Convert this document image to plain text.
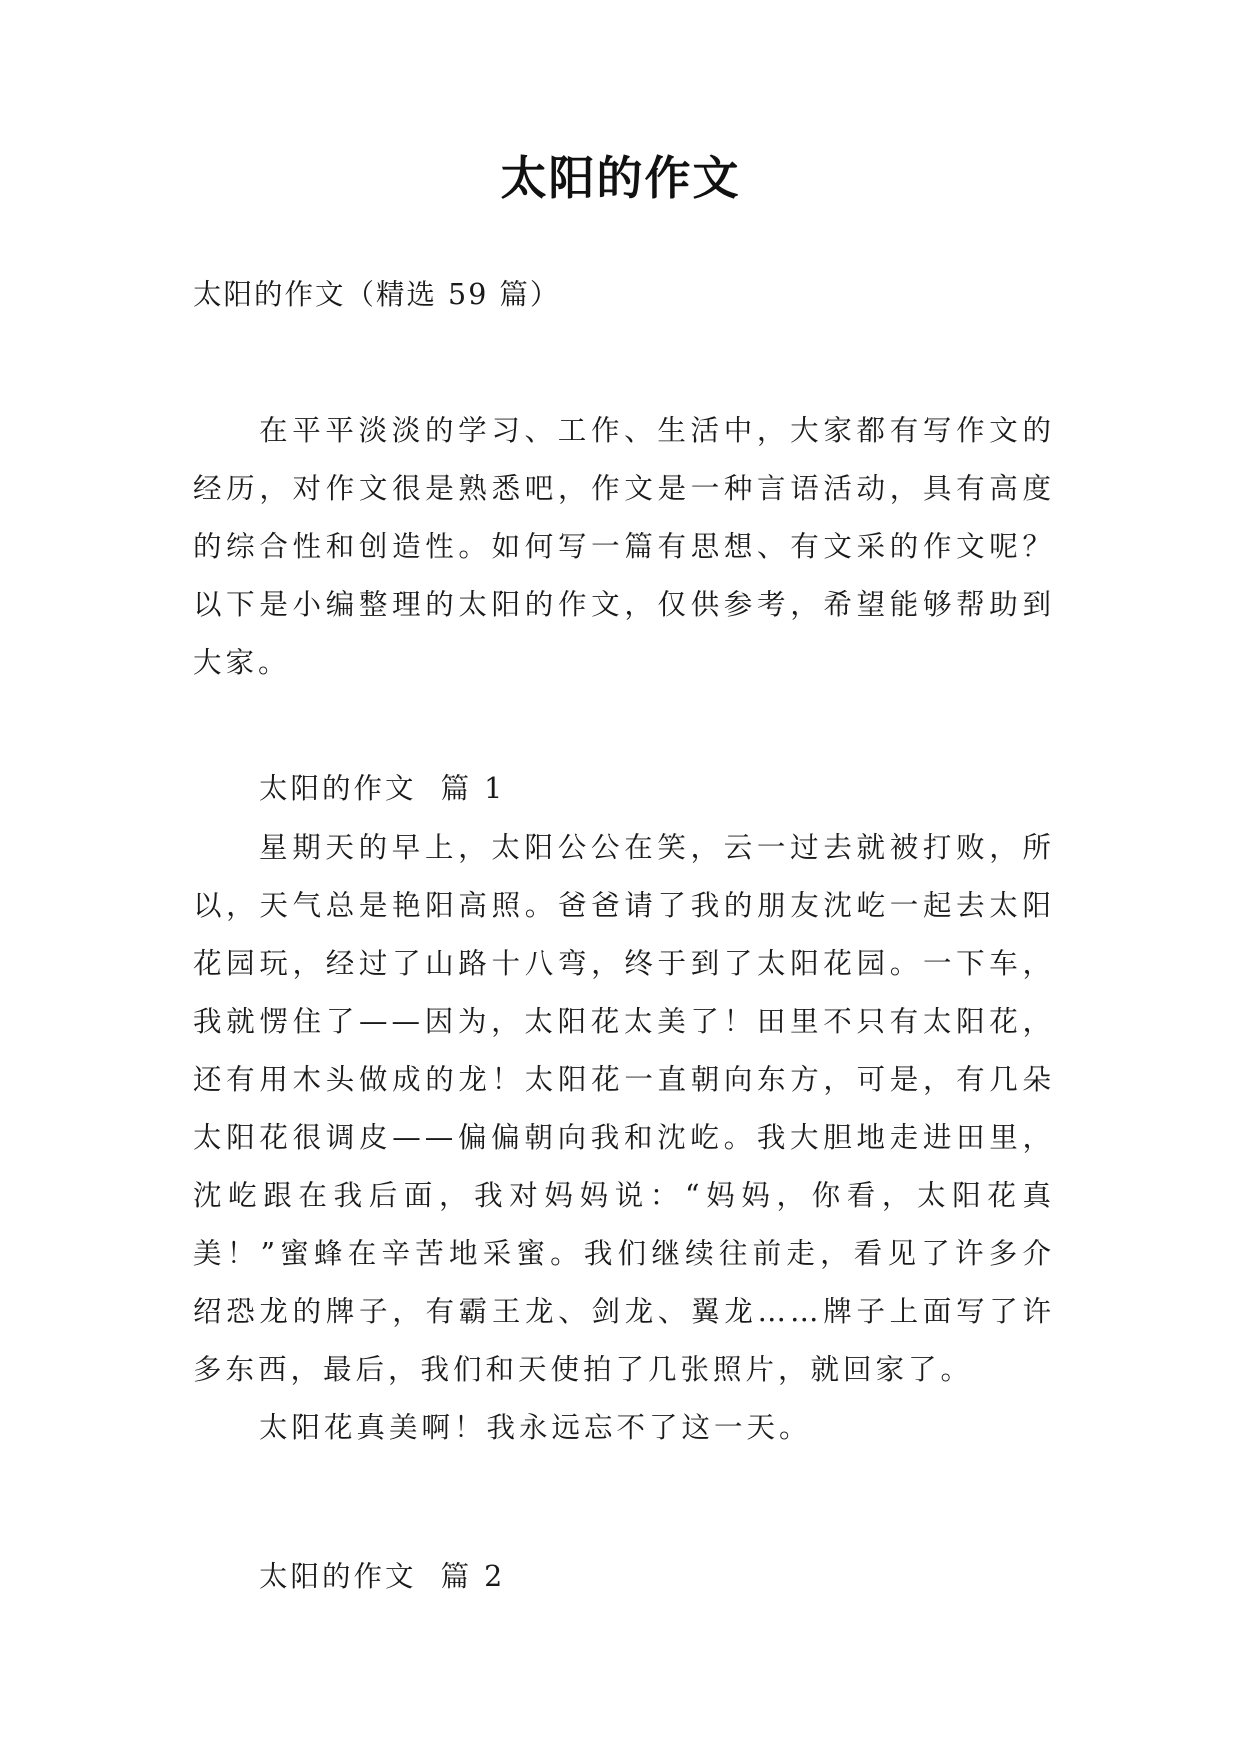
太阳的作文

太阳的作文（精选 59 篇）

在平平淡淡的学习、工作、生活中，大家都有写作文的经历，对作文很是熟悉吧，作文是一种言语活动，具有高度的综合性和创造性。如何写一篇有思想、有文采的作文呢？以下是小编整理的太阳的作文，仅供参考，希望能够帮助到大家。

太阳的作文  篇 1

星期天的早上，太阳公公在笑，云一过去就被打败，所以，天气总是艳阳高照。爸爸请了我的朋友沈屹一起去太阳花园玩，经过了山路十八弯，终于到了太阳花园。一下车，我就愣住了——因为，太阳花太美了！田里不只有太阳花，还有用木头做成的龙！太阳花一直朝向东方，可是，有几朵太阳花很调皮——偏偏朝向我和沈屹。我大胆地走进田里，沈屹跟在我后面，我对妈妈说：“妈妈，你看，太阳花真美！”蜜蜂在辛苦地采蜜。我们继续往前走，看见了许多介绍恐龙的牌子，有霸王龙、剑龙、翼龙……牌子上面写了许多东西，最后，我们和天使拍了几张照片，就回家了。

太阳花真美啊！我永远忘不了这一天。

太阳的作文  篇 2
